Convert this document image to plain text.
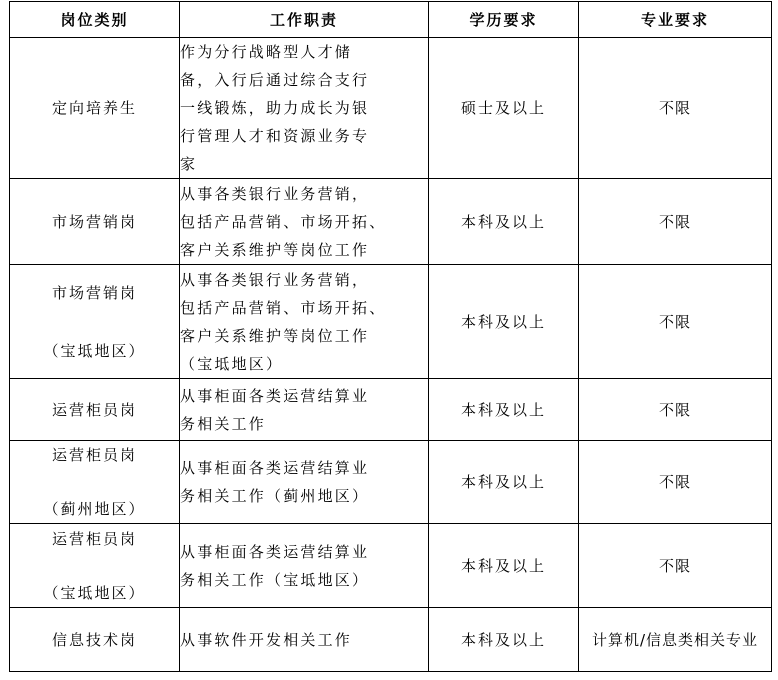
岗位类别	工作职责	学历要求	专业要求

定向培养生	作为分行战略型人才储
备，入行后通过综合支行
一线锻炼，助力成长为银
行管理人才和资源业务专
家	硕士及以上	不限

市场营销岗	从事各类银行业务营销，
包括产品营销、市场开拓、
客户关系维护等岗位工作	本科及以上	不限

市场营销岗
（宝坻地区）	从事各类银行业务营销，
包括产品营销、市场开拓、
客户关系维护等岗位工作
（宝坻地区）	本科及以上	不限

运营柜员岗	从事柜面各类运营结算业
务相关工作	本科及以上	不限

运营柜员岗
（蓟州地区）	从事柜面各类运营结算业
务相关工作（蓟州地区）	本科及以上	不限

运营柜员岗
（宝坻地区）	从事柜面各类运营结算业
务相关工作（宝坻地区）	本科及以上	不限

信息技术岗	从事软件开发相关工作	本科及以上	计算机/信息类相关专业
